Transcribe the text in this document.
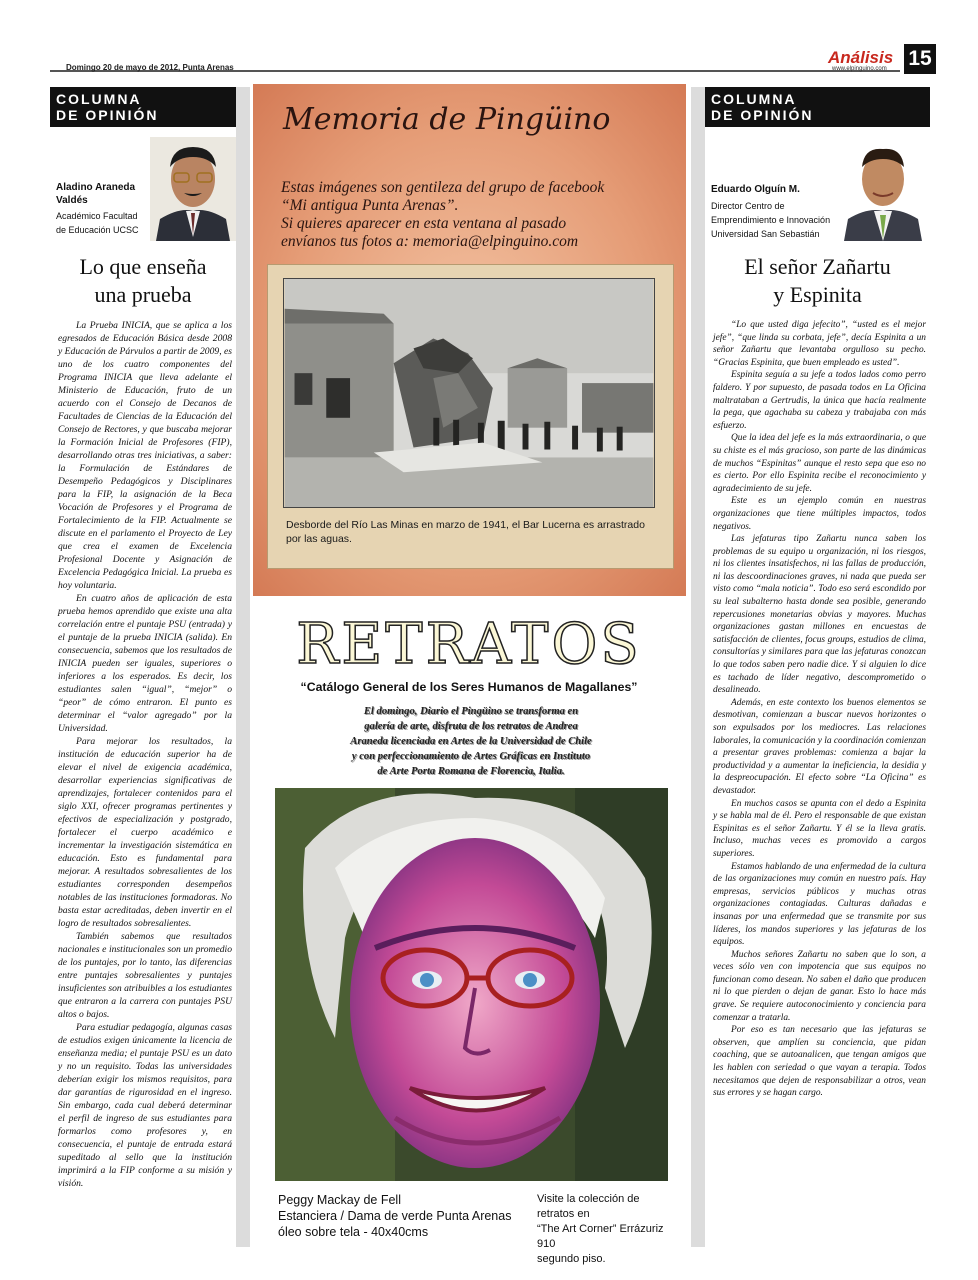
Domingo 20 de mayo de 2012, Punta Arenas
Análisis
www.elpinguino.com 15
COLUMNA
DE OPINIÓN
Aladino Araneda
Valdés
Académico Facultad
de Educación UCSC
Lo que enseña
una prueba

La Prueba INICIA, que se aplica a los egresados de Educación Básica desde 2008 y Educación de Párvulos a partir de 2009, es uno de los cuatro componentes del Programa INICIA que lleva adelante el Ministerio de Educación, fruto de un acuerdo con el Consejo de Decanos de Facultades de Ciencias de la Educación del Consejo de Rectores, y que buscaba mejorar la Formación Inicial de Profesores (FIP), desarrollando otras tres iniciativas, a saber: la Formulación de Estándares de Desempeño Pedagógicos y Disciplinares para la FIP, la asignación de la Beca Vocación de Profesores y el Programa de Fortalecimiento de la FIP. Actualmente se discute en el parlamento el Proyecto de Ley que crea el examen de Excelencia Profesional Docente y Asignación de Excelencia Pedagógica Inicial. La prueba es hoy voluntaria.

En cuatro años de aplicación de esta prueba hemos aprendido que existe una alta correlación entre el puntaje PSU (entrada) y el puntaje de la prueba INICIA (salida). En consecuencia, sabemos que los resultados de INICIA pueden ser iguales, superiores o inferiores a los esperados. Es decir, los estudiantes salen “igual”, “mejor” o “peor” de cómo entraron. El punto es determinar el “valor agregado” por la Universidad.

Para mejorar los resultados, la institución de educación superior ha de elevar el nivel de exigencia académica, desarrollar experiencias significativas de aprendizajes, fortalecer contenidos para el siglo XXI, ofrecer programas pertinentes y efectivos de especialización y postgrado, fortalecer el cuerpo académico e incrementar la investigación sistemática en educación. Esto es fundamental para mejorar. A resultados sobresalientes de los estudiantes corresponden desempeños notables de las instituciones formadoras. No basta estar acreditadas, deben invertir en el logro de resultados sobresalientes.

También sabemos que resultados nacionales e institucionales son un promedio de los puntajes, por lo tanto, las diferencias entre puntajes sobresalientes y puntajes insuficientes son atribuibles a los estudiantes que entraron a la carrera con puntajes PSU altos o bajos.

Para estudiar pedagogía, algunas casas de estudios exigen únicamente la licencia de enseñanza media; el puntaje PSU es un dato y no un requisito. Todas las universidades deberían exigir los mismos requisitos, para dar garantías de rigurosidad en el ingreso. Sin embargo, cada cual deberá determinar el perfil de ingreso de sus estudiantes para formarlos como profesores y, en consecuencia, el puntaje de entrada estará supeditado al sello que la institución imprimirá a la FIP conforme a su misión y visión.

Memoria de Pingüino
Estas imágenes son gentileza del grupo de facebook
“Mi antigua Punta Arenas”.
Si quieres aparecer en esta ventana al pasado
envíanos tus fotos a: memoria@elpinguino.com
Desborde del Río Las Minas en marzo de 1941, el Bar Lucerna es arrastrado por las aguas.
RETRATOS
“Catálogo General de los Seres Humanos de Magallanes”
El domingo, Diario el Pingüino se transforma en
galería de arte, disfruta de los retratos de Andrea
Araneda licenciada en Artes de la Universidad de Chile
y con perfeccionamiento de Artes Gráficas en Instituto
de Arte Porta Romana de Florencia, Italia.
Peggy Mackay de Fell
Estanciera / Dama de verde Punta Arenas
óleo sobre tela - 40x40cms
Visite la colección de retratos en
“The Art Corner” Errázuriz 910
segundo piso.
COLUMNA
DE OPINIÓN
Eduardo Olguín M.
Director Centro de
Emprendimiento e Innovación
Universidad San Sebastián
El señor Zañartu
y Espinita

“Lo que usted diga jefecito”, “usted es el mejor jefe”, “que linda su corbata, jefe”, decía Espinita a un señor Zañartu que levantaba orgulloso su pecho. “Gracias Espinita, que buen empleado es usted”.

Espinita seguía a su jefe a todos lados como perro faldero. Y por supuesto, de pasada todos en La Oficina maltrataban a Gertrudis, la única que hacía realmente la pega, que agachaba su cabeza y trabajaba con más esfuerzo.

Que la idea del jefe es la más extraordinaria, o que su chiste es el más gracioso, son parte de las dinámicas de muchos “Espinitas” aunque el resto sepa que eso no es cierto. Por ello Espinita recibe el reconocimiento y agradecimiento de su jefe.

Este es un ejemplo común en nuestras organizaciones que tiene múltiples impactos, todos negativos.

Las jefaturas tipo Zañartu nunca saben los problemas de su equipo u organización, ni los riesgos, ni los clientes insatisfechos, ni las fallas de producción, ni las descoordinaciones graves, ni nada que pueda ser visto como “mala noticia”. Todo eso será escondido por su leal subalterno hasta donde sea posible, generando repercusiones monetarias obvias y mayores. Muchas organizaciones gastan millones en encuestas de satisfacción de clientes, focus groups, estudios de clima, consultorías y similares para que las jefaturas conozcan lo que todos saben pero nadie dice. Y si alguien lo dice es tachado de líder negativo, descomprometido o desalineado.

Además, en este contexto los buenos elementos se desmotivan, comienzan a buscar nuevos horizontes o son expulsados por los mediocres. Las relaciones laborales, la comunicación y la coordinación comienzan a presentar graves problemas: comienza a bajar la productividad y a aumentar la ineficiencia, la desidia y la despreocupación. El efecto sobre “La Oficina” es devastador.

En muchos casos se apunta con el dedo a Espinita y se habla mal de él. Pero el responsable de que existan Espinitas es el señor Zañartu. Y él se la lleva gratis. Incluso, muchas veces es promovido a cargos superiores.

Estamos hablando de una enfermedad de la cultura de las organizaciones muy común en nuestro país. Hay empresas, servicios públicos y muchas otras organizaciones contagiadas. Culturas dañadas e insanas por una enfermedad que se transmite por sus líderes, los mandos superiores y las jefaturas de los equipos.

Muchos señores Zañartu no saben que lo son, a veces sólo ven con impotencia que sus equipos no funcionan como desean. No saben el daño que producen ni lo que pierden o dejan de ganar. Esto lo hace más grave. Se requiere autoconocimiento y conciencia para comenzar a tratarla.

Por eso es tan necesario que las jefaturas se observen, que amplíen su conciencia, que pidan coaching, que se autoanalicen, que tengan amigos que les hablen con seriedad o que vayan a terapia. Todos necesitamos que dejen de responsabilizar a otros, vean sus errores y se hagan cargo.
